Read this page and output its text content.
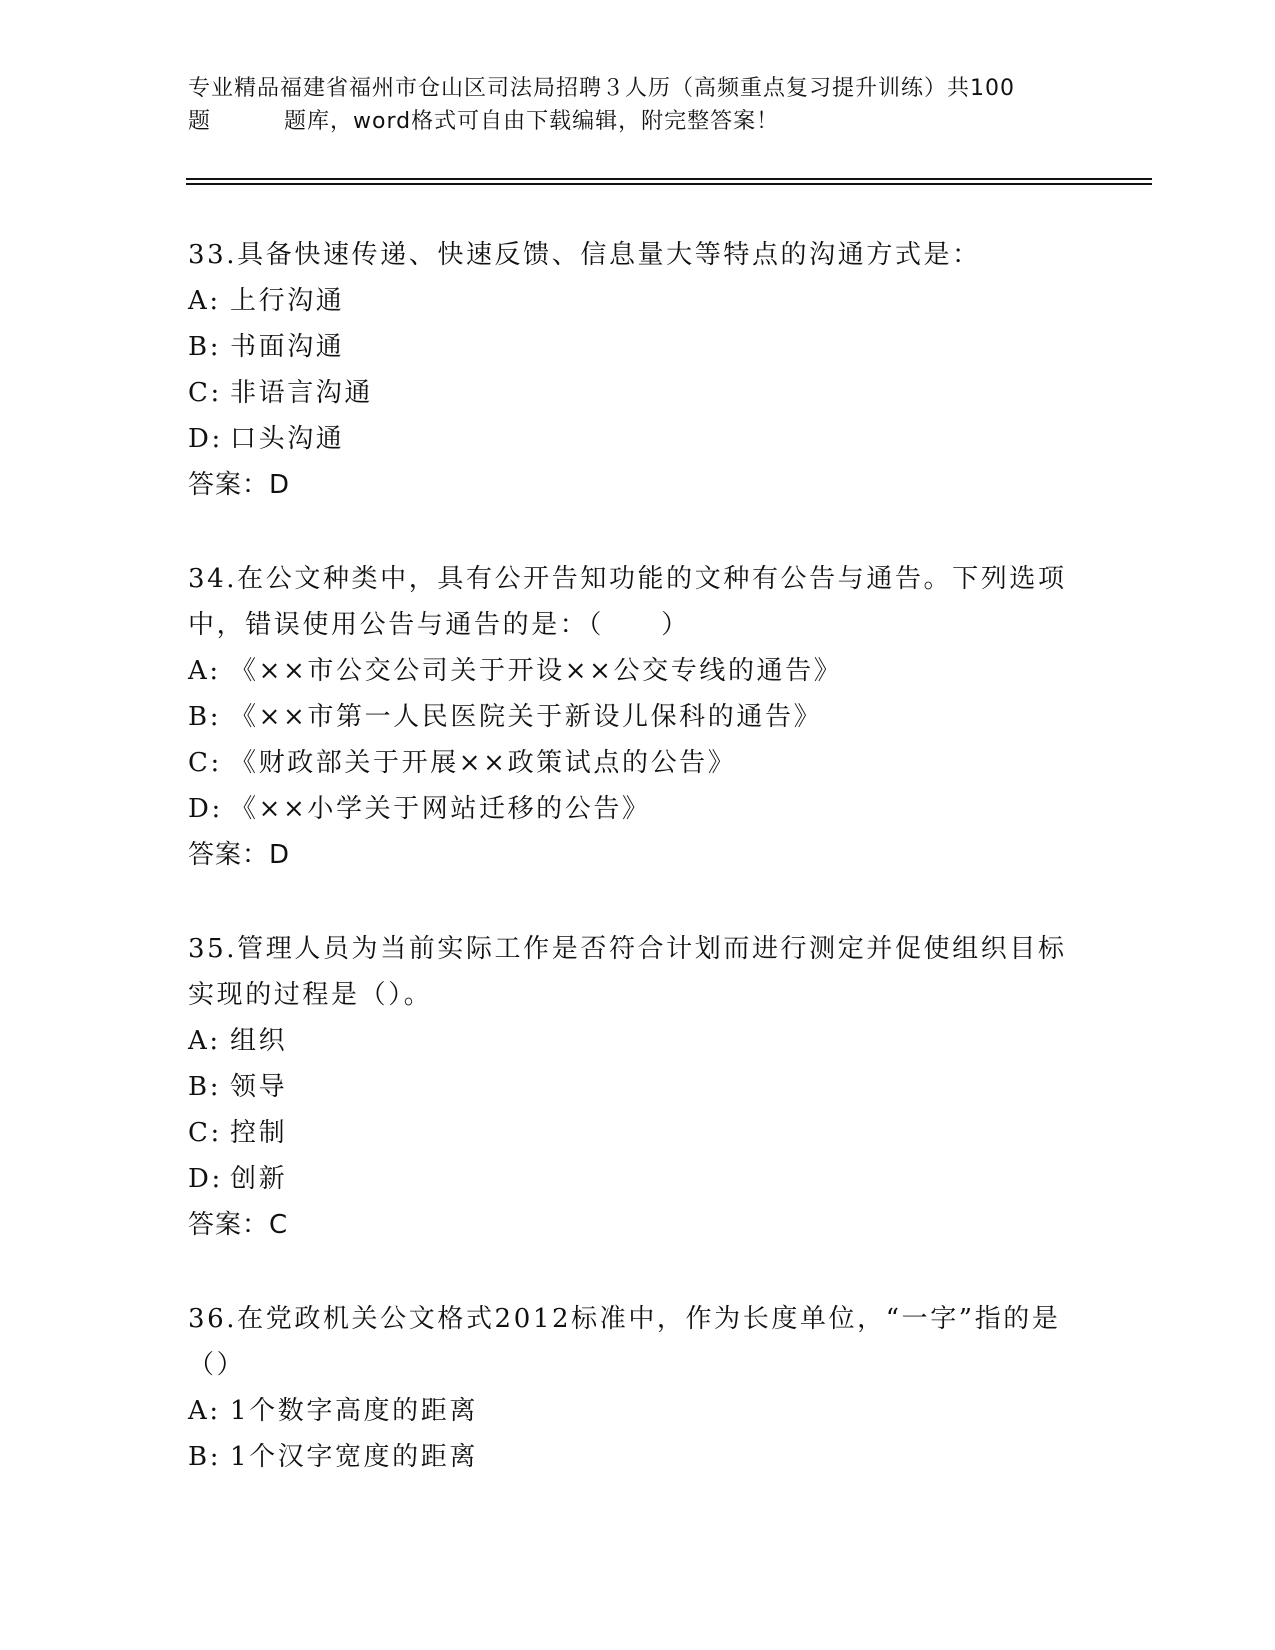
专业精品福建省福州市仓山区司法局招聘３人历（高频重点复习提升训练）共100
题	题库，word格式可自由下载编辑，附完整答案！

33.具备快速传递、快速反馈、信息量大等特点的沟通方式是：

A: 上行沟通

B: 书面沟通

C: 非语言沟通

D: 口头沟通

答案：D

34.在公文种类中，具有公开告知功能的文种有公告与通告。下列选项中，错误使用公告与通告的是：（　　）

A: 《××市公交公司关于开设××公交专线的通告》

B: 《××市第一人民医院关于新设儿保科的通告》

C: 《财政部关于开展××政策试点的公告》

D: 《××小学关于网站迁移的公告》

答案：D

35.管理人员为当前实际工作是否符合计划而进行测定并促使组织目标实现的过程是（）。

A: 组织

B: 领导

C: 控制

D: 创新

答案：C

36.在党政机关公文格式2012标准中，作为长度单位，“一字”指的是（）

A: 1个数字高度的距离

B: 1个汉字宽度的距离
